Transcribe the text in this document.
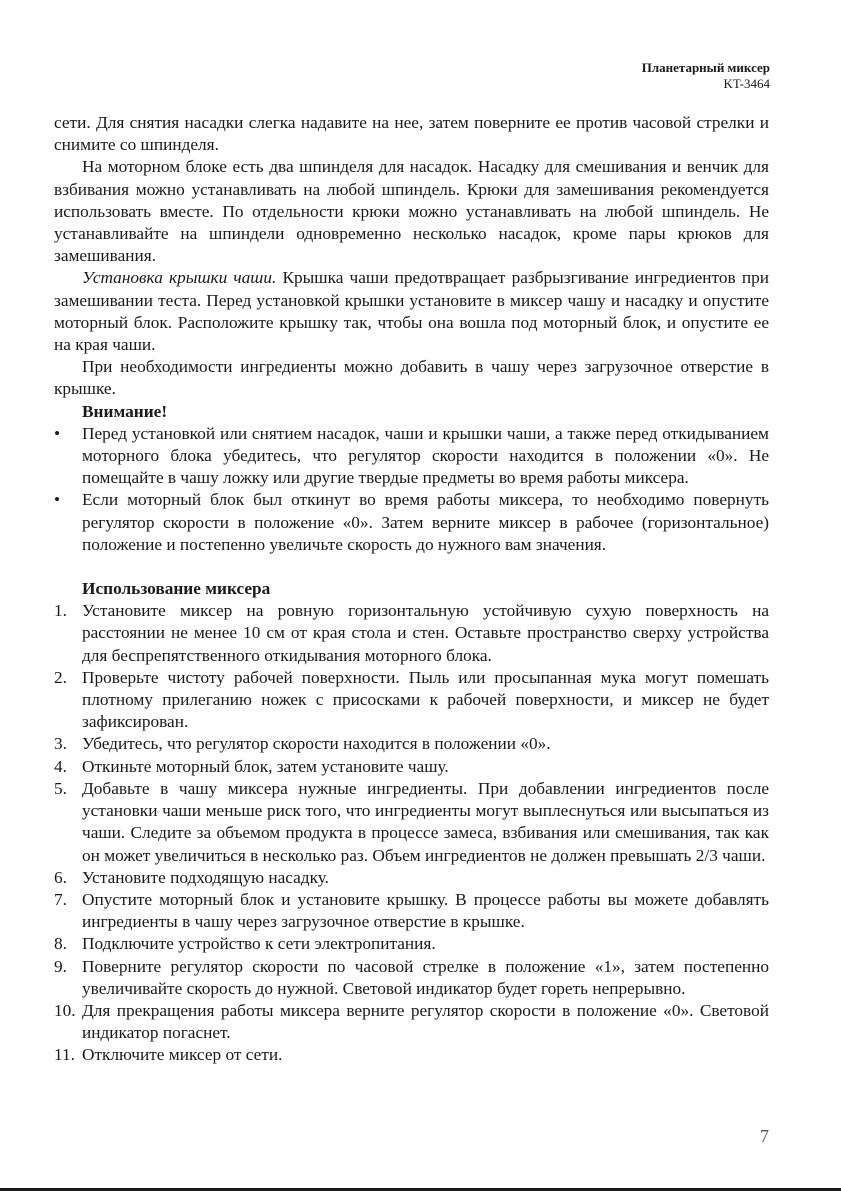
Планетарный миксер
KT-3464

сети. Для снятия насадки слегка надавите на нее, затем поверните ее против часовой стрелки и снимите со шпинделя.

На моторном блоке есть два шпинделя для насадок. Насадку для смешивания и венчик для взбивания можно устанавливать на любой шпиндель. Крюки для замешивания рекомендуется использовать вместе. По отдельности крюки можно устанавливать на любой шпиндель. Не устанавливайте на шпиндели одновременно несколько насадок, кроме пары крюков для замешивания.

Установка крышки чаши. Крышка чаши предотвращает разбрызгивание ингредиентов при замешивании теста. Перед установкой крышки установите в миксер чашу и насадку и опустите моторный блок. Расположите крышку так, чтобы она вошла под моторный блок, и опустите ее на края чаши.

При необходимости ингредиенты можно добавить в чашу через загрузочное отверстие в крышке.

Внимание!

• Перед установкой или снятием насадок, чаши и крышки чаши, а также перед откидыванием моторного блока убедитесь, что регулятор скорости находится в положении «0». Не помещайте в чашу ложку или другие твердые предметы во время работы миксера.
• Если моторный блок был откинут во время работы миксера, то необходимо повернуть регулятор скорости в положение «0». Затем верните миксер в рабочее (горизонтальное) положение и постепенно увеличьте скорость до нужного вам значения.

Использование миксера

1. Установите миксер на ровную горизонтальную устойчивую сухую поверхность на расстоянии не менее 10 см от края стола и стен. Оставьте пространство сверху устройства для беспрепятственного откидывания моторного блока.
2. Проверьте чистоту рабочей поверхности. Пыль или просыпанная мука могут помешать плотному прилеганию ножек с присосками к рабочей поверхности, и миксер не будет зафиксирован.
3. Убедитесь, что регулятор скорости находится в положении «0».
4. Откиньте моторный блок, затем установите чашу.
5. Добавьте в чашу миксера нужные ингредиенты. При добавлении ингредиентов после установки чаши меньше риск того, что ингредиенты могут выплеснуться или высыпаться из чаши. Следите за объемом продукта в процессе замеса, взбивания или смешивания, так как он может увеличиться в несколько раз. Объем ингредиентов не должен превышать 2/3 чаши.
6. Установите подходящую насадку.
7. Опустите моторный блок и установите крышку. В процессе работы вы можете добавлять ингредиенты в чашу через загрузочное отверстие в крышке.
8. Подключите устройство к сети электропитания.
9. Поверните регулятор скорости по часовой стрелке в положение «1», затем постепенно увеличивайте скорость до нужной. Световой индикатор будет гореть непрерывно.
10. Для прекращения работы миксера верните регулятор скорости в положение «0». Световой индикатор погаснет.
11. Отключите миксер от сети.
7
